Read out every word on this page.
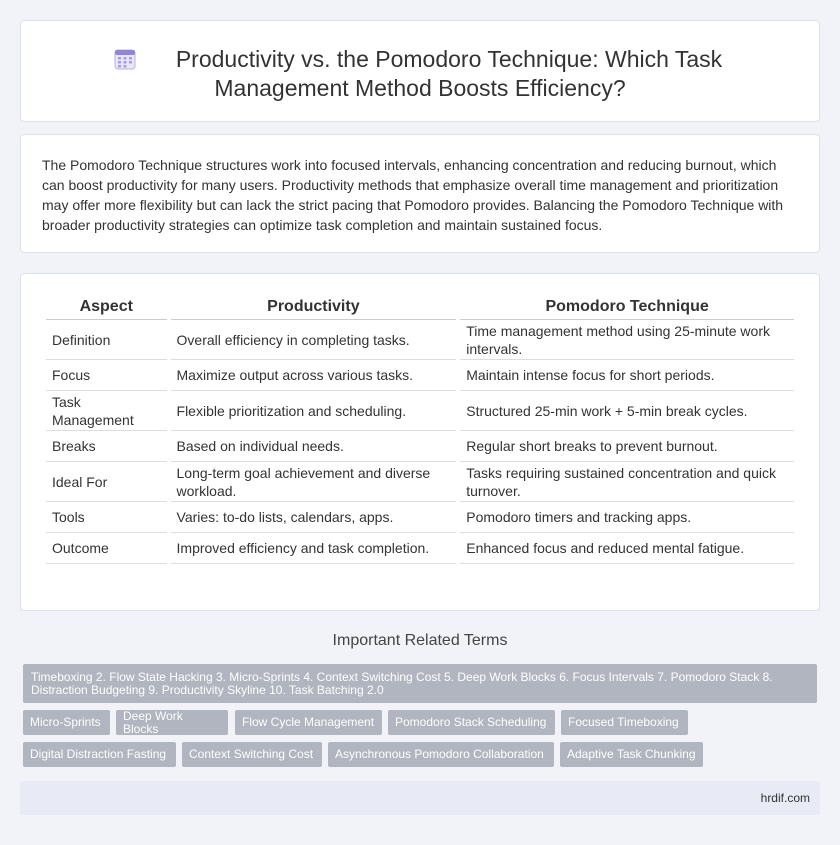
Productivity vs. the Pomodoro Technique: Which Task
Management Method Boosts Efficiency?

The Pomodoro Technique structures work into focused intervals, enhancing concentration and reducing burnout, which can boost productivity for many users. Productivity methods that emphasize overall time management and prioritization may offer more flexibility but can lack the strict pacing that Pomodoro provides. Balancing the Pomodoro Technique with broader productivity strategies can optimize task completion and maintain sustained focus.

Aspect	Productivity	Pomodoro Technique
Definition	Overall efficiency in completing tasks.	Time management method using 25-minute work intervals.
Focus	Maximize output across various tasks.	Maintain intense focus for short periods.
Task Management	Flexible prioritization and scheduling.	Structured 25-min work + 5-min break cycles.
Breaks	Based on individual needs.	Regular short breaks to prevent burnout.
Ideal For	Long-term goal achievement and diverse workload.	Tasks requiring sustained concentration and quick turnover.
Tools	Varies: to-do lists, calendars, apps.	Pomodoro timers and tracking apps.
Outcome	Improved efficiency and task completion.	Enhanced focus and reduced mental fatigue.
Important Related Terms
Timeboxing 2. Flow State Hacking 3. Micro-Sprints 4. Context Switching Cost 5. Deep Work Blocks 6. Focus Intervals 7. Pomodoro Stack 8. Distraction Budgeting 9. Productivity Skyline 10. Task Batching 2.0
Micro-Sprints	Deep Work Blocks	Flow Cycle Management	Pomodoro Stack Scheduling	Focused Timeboxing
Digital Distraction Fasting	Context Switching Cost	Asynchronous Pomodoro Collaboration	Adaptive Task Chunking
hrdif.com
